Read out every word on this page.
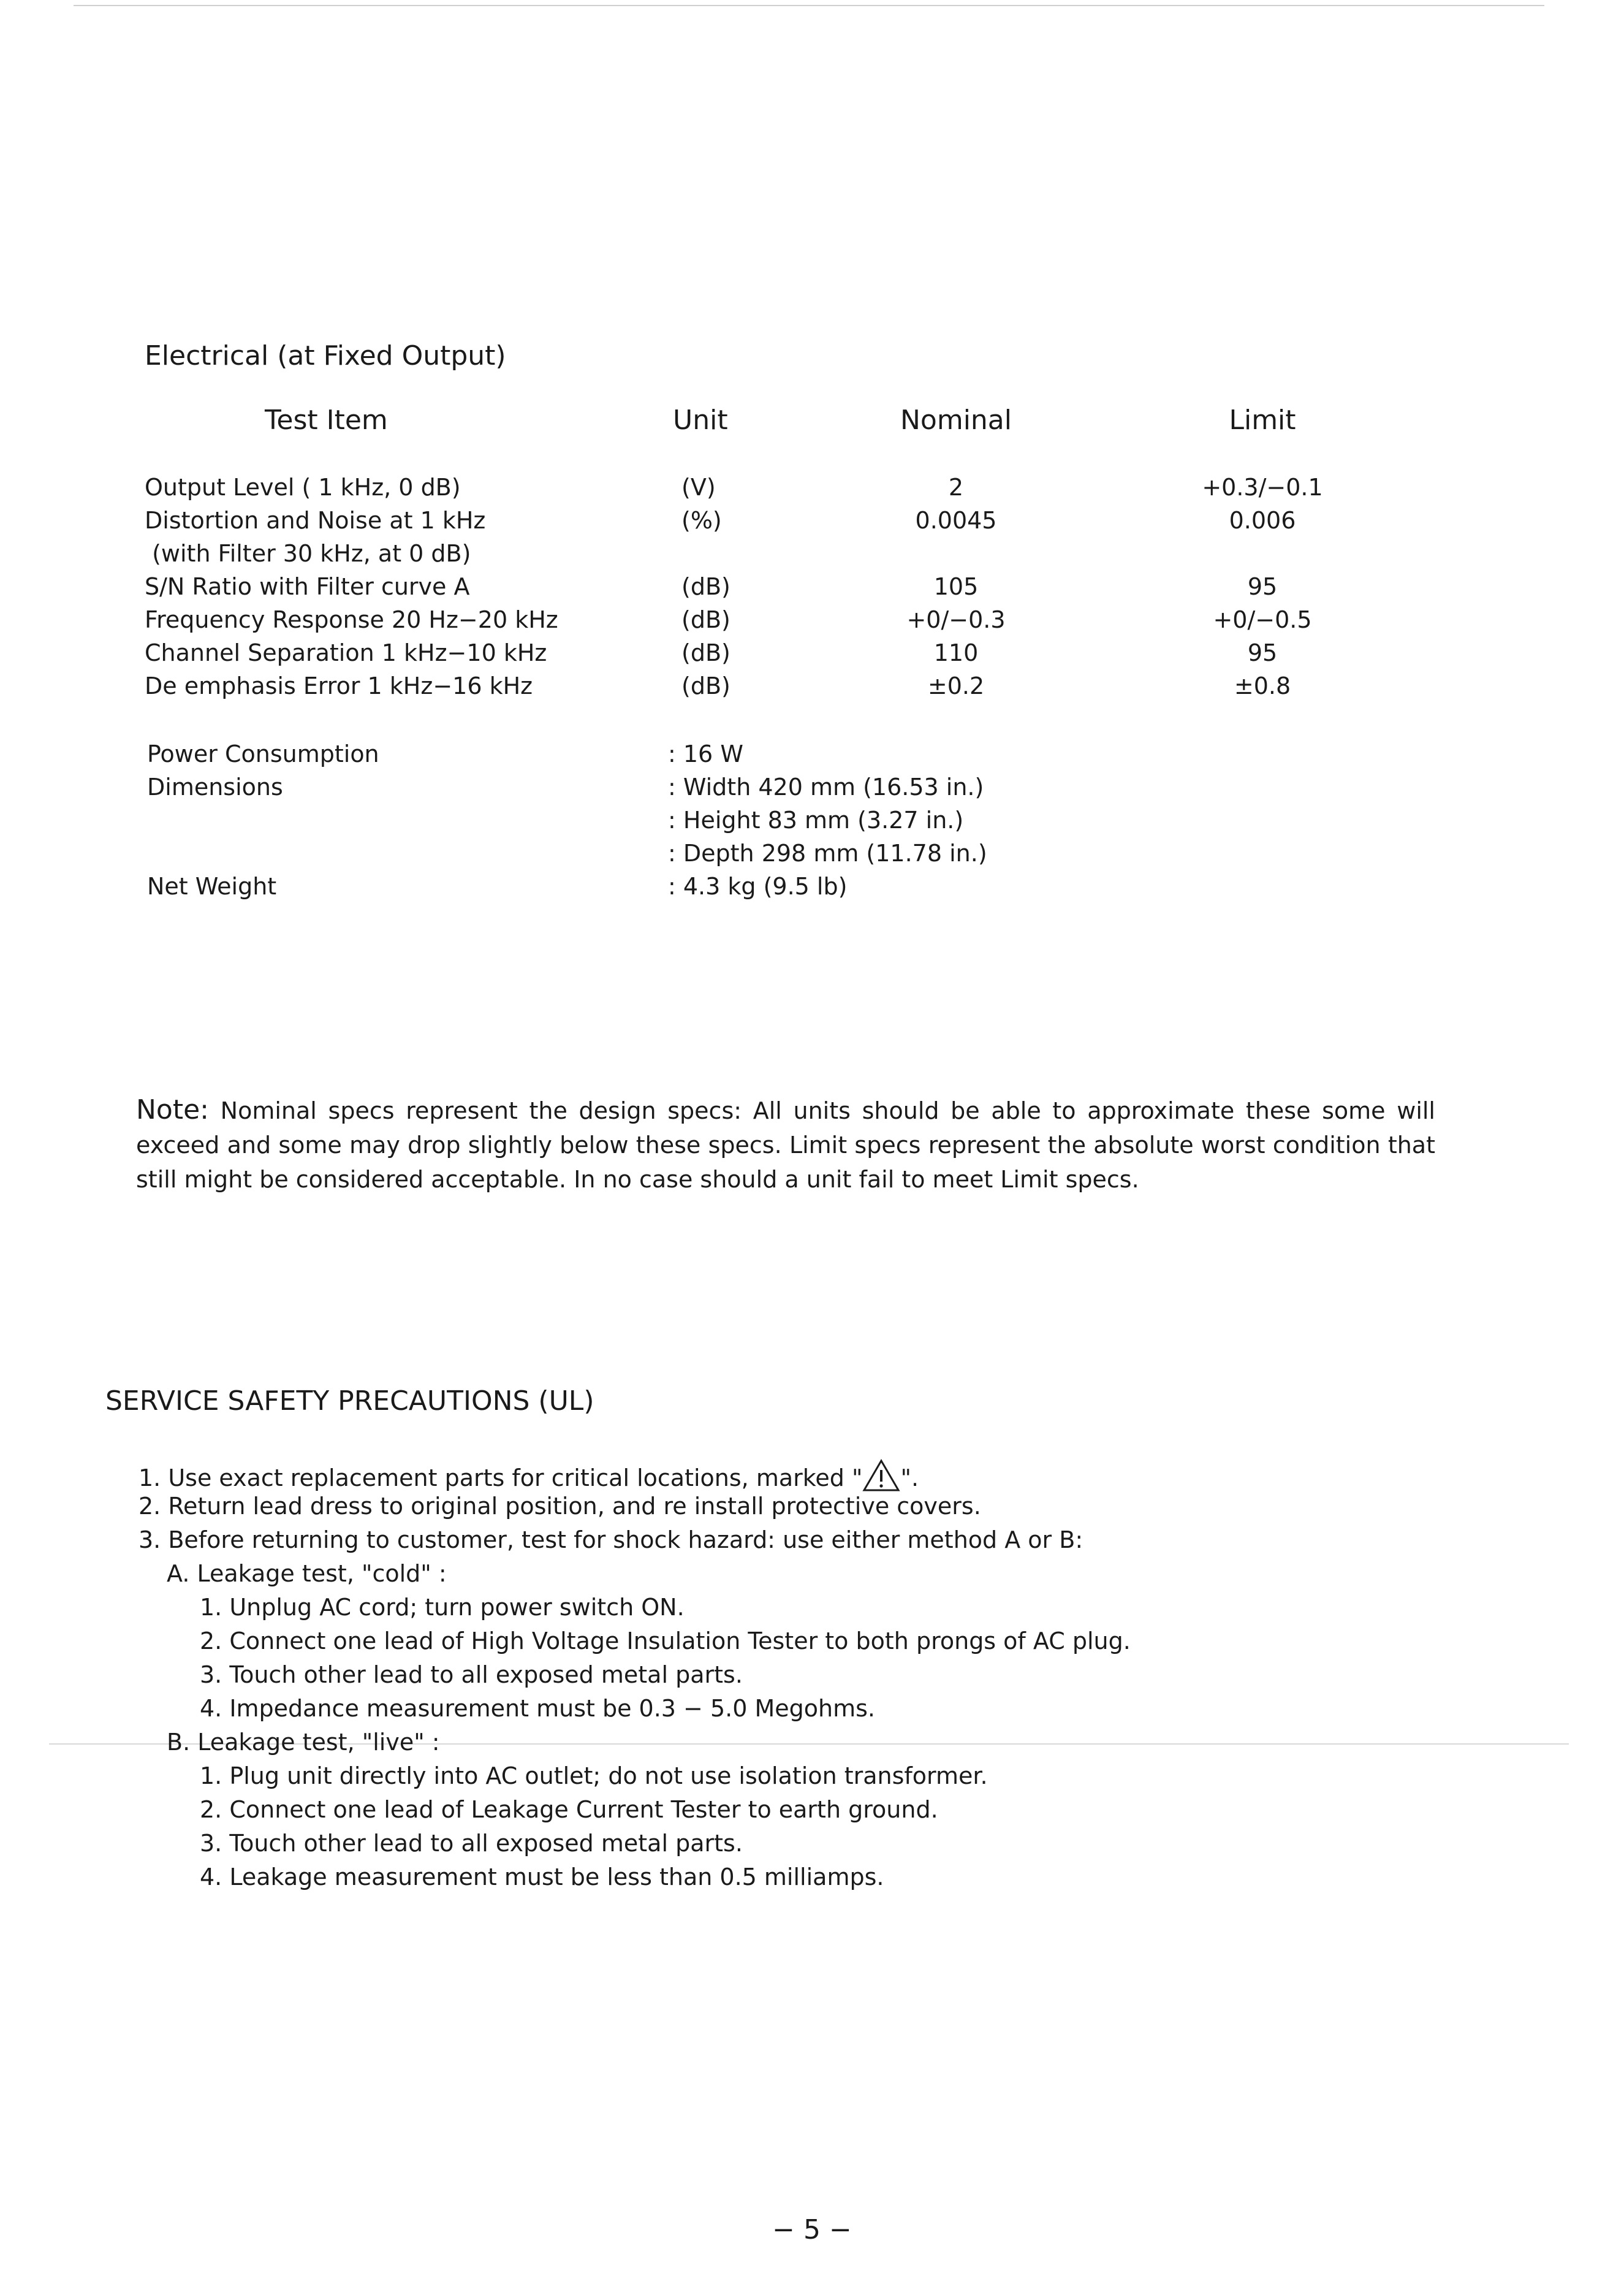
Electrical (at Fixed Output)
Test Item	Unit	Nominal	Limit
Output Level ( 1 kHz, 0 dB)	(V)	2	+0.3/−0.1
Distortion and Noise at 1 kHz	(%)	0.0045	0.006
(with Filter 30 kHz, at 0 dB)
S/N Ratio with Filter curve A	(dB)	105	95
Frequency Response 20 Hz−20 kHz	(dB)	+0/−0.3	+0/−0.5
Channel Separation 1 kHz−10 kHz	(dB)	110	95
De emphasis Error 1 kHz−16 kHz	(dB)	±0.2	±0.8
Power Consumption	: 16 W
Dimensions	: Width 420 mm (16.53 in.)
: Height 83 mm (3.27 in.)
: Depth 298 mm (11.78 in.)
Net Weight	: 4.3 kg (9.5 lb)
Note: Nominal specs represent the design specs: All units should be able to approximate these some will exceed and some may drop slightly below these specs. Limit specs represent the absolute worst condition that still might be considered acceptable. In no case should a unit fail to meet Limit specs.
SERVICE SAFETY PRECAUTIONS (UL)
1. Use exact replacement parts for critical locations, marked " ".
2. Return lead dress to original position, and re install protective covers.
3. Before returning to customer, test for shock hazard: use either method A or B:
A. Leakage test, "cold" :
1. Unplug AC cord; turn power switch ON.
2. Connect one lead of High Voltage Insulation Tester to both prongs of AC plug.
3. Touch other lead to all exposed metal parts.
4. Impedance measurement must be 0.3 − 5.0 Megohms.
B. Leakage test, "live" :
1. Plug unit directly into AC outlet; do not use isolation transformer.
2. Connect one lead of Leakage Current Tester to earth ground.
3. Touch other lead to all exposed metal parts.
4. Leakage measurement must be less than 0.5 milliamps.
− 5 −
